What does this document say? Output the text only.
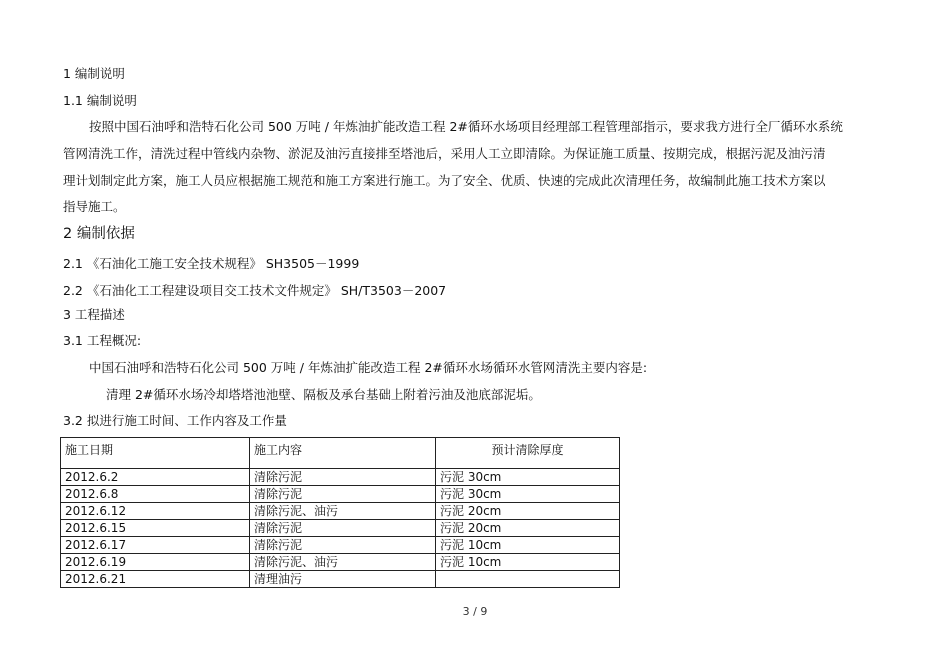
1 编制说明
1.1 编制说明
按照中国石油呼和浩特石化公司 500 万吨 / 年炼油扩能改造工程 2#循环水场项目经理部工程管理部指示，要求我方进行全厂循环水系统
管网清洗工作，清洗过程中管线内杂物、淤泥及油污直接排至塔池后，采用人工立即清除。为保证施工质量、按期完成，根据污泥及油污清
理计划制定此方案，施工人员应根据施工规范和施工方案进行施工。为了安全、优质、快速的完成此次清理任务，故编制此施工技术方案以
指导施工。
2 编制依据
2.1 《石油化工施工安全技术规程》 SH3505－1999
2.2 《石油化工工程建设项目交工技术文件规定》 SH/T3503－2007
3 工程描述
3.1 工程概况:
中国石油呼和浩特石化公司 500 万吨 / 年炼油扩能改造工程 2#循环水场循环水管网清洗主要内容是:
清理 2#循环水场冷却塔塔池池壁、隔板及承台基础上附着污油及池底部泥垢。
3.2 拟进行施工时间、工作内容及工作量
施工日期	施工内容	预计清除厚度
2012.6.2	清除污泥	污泥 30cm
2012.6.8	清除污泥	污泥 30cm
2012.6.12	清除污泥、油污	污泥 20cm
2012.6.15	清除污泥	污泥 20cm
2012.6.17	清除污泥	污泥 10cm
2012.6.19	清除污泥、油污	污泥 10cm
2012.6.21	清理油污	
3 / 9
